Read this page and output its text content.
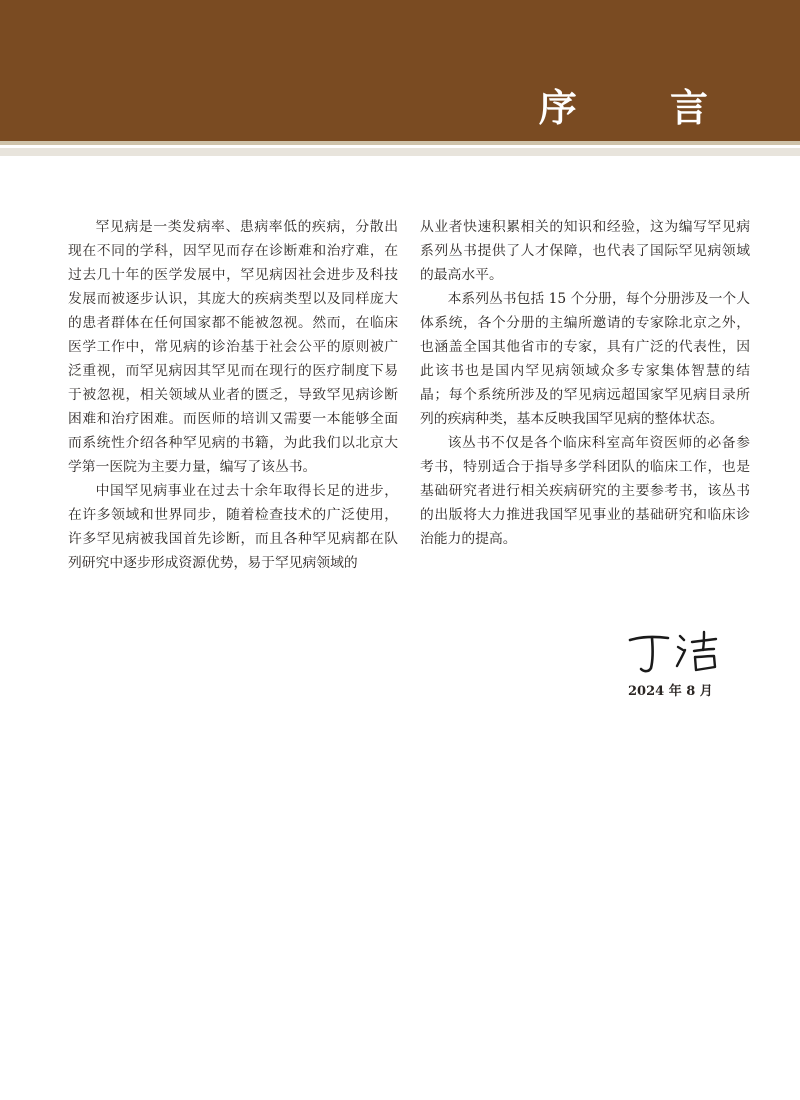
序 言

罕见病是一类发病率、患病率低的疾病，分散出现在不同的学科，因罕见而存在诊断难和治疗难，在过去几十年的医学发展中，罕见病因社会进步及科技发展而被逐步认识，其庞大的疾病类型以及同样庞大的患者群体在任何国家都不能被忽视。然而，在临床医学工作中，常见病的诊治基于社会公平的原则被广泛重视，而罕见病因其罕见而在现行的医疗制度下易于被忽视，相关领域从业者的匮乏，导致罕见病诊断困难和治疗困难。而医师的培训又需要一本能够全面而系统性介绍各种罕见病的书籍，为此我们以北京大学第一医院为主要力量，编写了该丛书。

中国罕见病事业在过去十余年取得长足的进步，在许多领域和世界同步，随着检查技术的广泛使用，许多罕见病被我国首先诊断，而且各种罕见病都在队列研究中逐步形成资源优势，易于罕见病领域的

从业者快速积累相关的知识和经验，这为编写罕见病系列丛书提供了人才保障，也代表了国际罕见病领域的最高水平。

本系列丛书包括 15 个分册，每个分册涉及一个人体系统，各个分册的主编所邀请的专家除北京之外，也涵盖全国其他省市的专家，具有广泛的代表性，因此该书也是国内罕见病领域众多专家集体智慧的结晶；每个系统所涉及的罕见病远超国家罕见病目录所列的疾病种类，基本反映我国罕见病的整体状态。

该丛书不仅是各个临床科室高年资医师的必备参考书，特别适合于指导多学科团队的临床工作，也是基础研究者进行相关疾病研究的主要参考书，该丛书的出版将大力推进我国罕见事业的基础研究和临床诊治能力的提高。

2024 年 8 月
